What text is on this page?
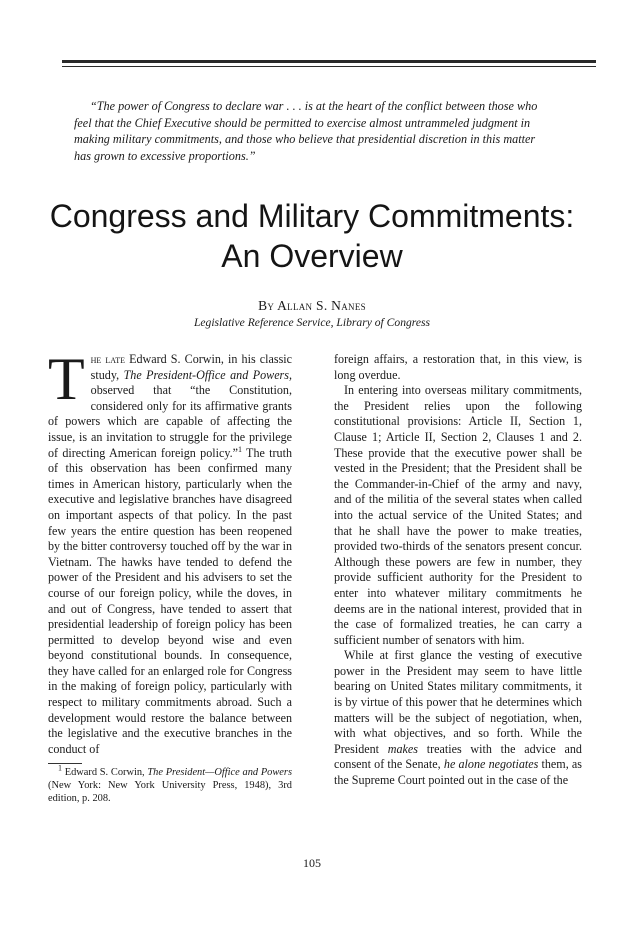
“The power of Congress to declare war . . . is at the heart of the conflict between those who feel that the Chief Executive should be permitted to exercise almost untrammeled judgment in making military commitments, and those who believe that presidential discretion in this matter has grown to excessive proportions.”

Congress and Military Commitments:
An Overview

By Allan S. Nanes

Legislative Reference Service, Library of Congress

The late Edward S. Corwin, in his classic study, The President-Office and Powers, observed that “the Constitution, considered only for its affirmative grants of powers which are capable of affecting the issue, is an invitation to struggle for the privilege of directing American foreign policy.”$^1$ The truth of this observation has been confirmed many times in American history, particularly when the executive and legislative branches have disagreed on important aspects of that policy. In the past few years the entire question has been reopened by the bitter controversy touched off by the war in Vietnam. The hawks have tended to defend the power of the President and his advisers to set the course of our foreign policy, while the doves, in and out of Congress, have tended to assert that presidential leadership of foreign policy has been permitted to develop beyond wise and even beyond constitutional bounds. In consequence, they have called for an enlarged role for Congress in the making of foreign policy, particularly with respect to military commitments abroad. Such a development would restore the balance between the legislative and the executive branches in the conduct of

$^1$ Edward S. Corwin, The President—Office and Powers (New York: New York University Press, 1948), 3rd edition, p. 208.

foreign affairs, a restoration that, in this view, is long overdue.

In entering into overseas military commitments, the President relies upon the following constitutional provisions: Article II, Section 1, Clause 1; Article II, Section 2, Clauses 1 and 2. These provide that the executive power shall be vested in the President; that the President shall be the Commander-in-Chief of the army and navy, and of the militia of the several states when called into the actual service of the United States; and that he shall have the power to make treaties, provided two-thirds of the senators present concur. Although these powers are few in number, they provide sufficient authority for the President to enter into whatever military commitments he deems are in the national interest, provided that in the case of formalized treaties, he can carry a sufficient number of senators with him.

While at first glance the vesting of executive power in the President may seem to have little bearing on United States military commitments, it is by virtue of this power that he determines which matters will be the subject of negotiation, when, with what objectives, and so forth. While the President makes treaties with the advice and consent of the Senate, he alone negotiates them, as the Supreme Court pointed out in the case of the

105
